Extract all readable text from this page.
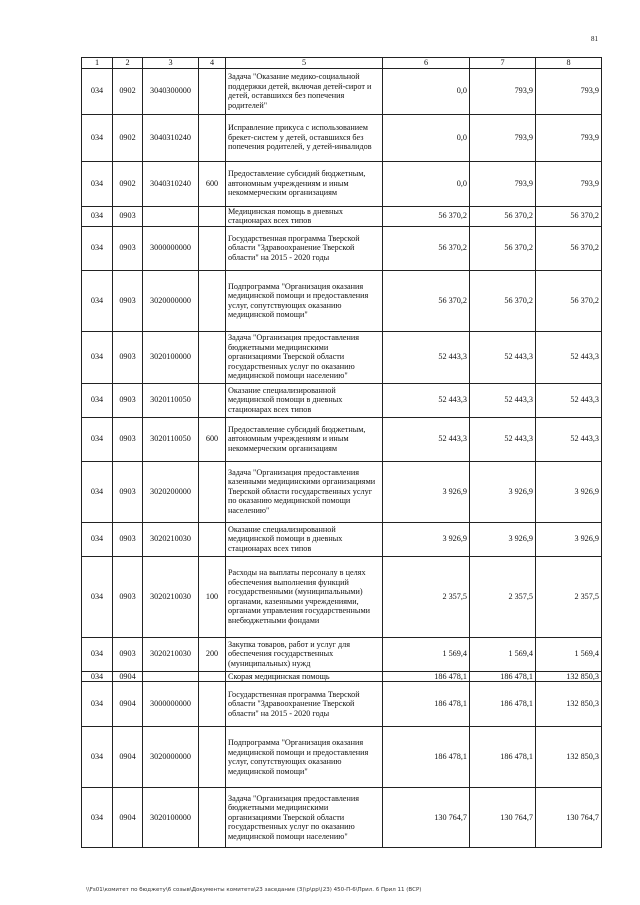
81
1	2	3	4	5	6	7	8
034	0902	3040300000		Задача "Оказание медико-социальной поддержки детей, включая детей-сирот и детей, оставшихся без попечения родителей"	0,0	793,9	793,9
034	0902	3040310240		Исправление прикуса с использованием брекет-систем у детей, оставшихся без попечения родителей, у детей-инвалидов	0,0	793,9	793,9
034	0902	3040310240	600	Предоставление субсидий бюджетным, автономным учреждениям и иным некоммерческим организациям	0,0	793,9	793,9
034	0903			Медицинская помощь в дневных стационарах всех типов	56 370,2	56 370,2	56 370,2
034	0903	3000000000		Государственная программа Тверской области "Здравоохранение Тверской области" на 2015 - 2020 годы	56 370,2	56 370,2	56 370,2
034	0903	3020000000		Подпрограмма "Организация оказания медицинской помощи и предоставления услуг, сопутствующих оказанию медицинской помощи"	56 370,2	56 370,2	56 370,2
034	0903	3020100000		Задача "Организация предоставления бюджетными медицинскими организациями Тверской области государственных услуг по оказанию медицинской помощи населению"	52 443,3	52 443,3	52 443,3
034	0903	3020110050		Оказание специализированной медицинской помощи в дневных стационарах всех типов	52 443,3	52 443,3	52 443,3
034	0903	3020110050	600	Предоставление субсидий бюджетным, автономным учреждениям и иным некоммерческим организациям	52 443,3	52 443,3	52 443,3
034	0903	3020200000		Задача "Организация предоставления казенными медицинскими организациями Тверской области государственных услуг по оказанию медицинской помощи населению"	3 926,9	3 926,9	3 926,9
034	0903	3020210030		Оказание специализированной медицинской помощи в дневных стационарах всех типов	3 926,9	3 926,9	3 926,9
034	0903	3020210030	100	Расходы на выплаты персоналу в целях обеспечения выполнения функций государственными (муниципальными) органами, казенными учреждениями, органами управления государственными внебюджетными фондами	2 357,5	2 357,5	2 357,5
034	0903	3020210030	200	Закупка товаров, работ и услуг для обеспечения государственных (муниципальных) нужд	1 569,4	1 569,4	1 569,4
034	0904			Скорая медицинская помощь	186 478,1	186 478,1	132 850,3
034	0904	3000000000		Государственная программа Тверской области "Здравоохранение Тверской области" на 2015 - 2020 годы	186 478,1	186 478,1	132 850,3
034	0904	3020000000		Подпрограмма "Организация оказания медицинской помощи и предоставления услуг, сопутствующих оказанию медицинской помощи"	186 478,1	186 478,1	132 850,3
034	0904	3020100000		Задача "Организация предоставления бюджетными медицинскими организациями Тверской области государственных услуг по оказанию медицинской помощи населению"	130 764,7	130 764,7	130 764,7
\\Fs01\комитет по бюджету\6 созыв\Документы комитета\23 заседание (3)\р\рр\(23) 450-П-6\Прил. 6 Прил 11 (ВСР)
